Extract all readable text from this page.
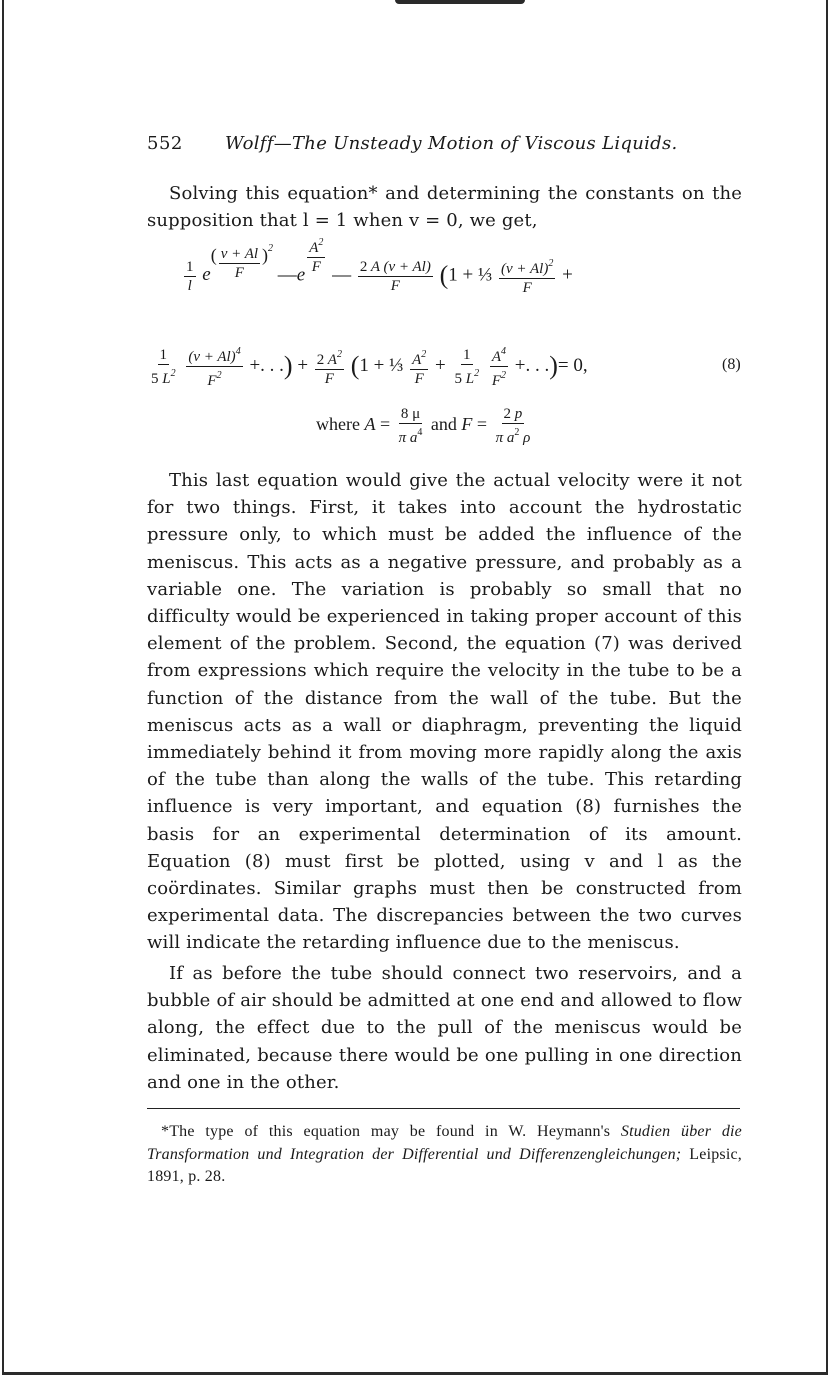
552 Wolff—The Unsteady Motion of Viscous Liquids.

Solving this equation* and determining the constants on the supposition that l = 1 when v = 0, we get,

$\frac{1}{l} e^{( \frac{v + Al}{F} )^2}$ —e $^{\frac{A^2}{F}}$ — $\frac{2 A (v + Al)}{F} (1$ + ⅓ $\frac{(v + Al)^2}{F}$ +
$\frac{1}{5 L^2}$
$\frac{(v + Al)^4}{F^2}$ +. . .) + $\frac{2 A^2}{F} (1$ + ⅓ $\frac{A^2}{F} + \frac{1}{5 L^2}$
$\frac{A^4}{F^2}$ +. . .)= 0,	(8)
where $A = \frac{8 \mu}{\pi a^4}$ and $F = \frac{2 p}{\pi a^2 \rho}$

This last equation would give the actual velocity were it not for two things. First, it takes into account the hydrostatic pressure only, to which must be added the influence of the meniscus. This acts as a negative pressure, and probably as a variable one. The variation is probably so small that no difficulty would be experienced in taking proper account of this element of the problem. Second, the equation (7) was derived from expressions which require the velocity in the tube to be a function of the distance from the wall of the tube. But the meniscus acts as a wall or diaphragm, preventing the liquid immediately behind it from moving more rapidly along the axis of the tube than along the walls of the tube. This retarding influence is very important, and equation (8) furnishes the basis for an experimental determination of its amount. Equation (8) must first be plotted, using v and l as the coördinates. Similar graphs must then be constructed from experimental data. The discrepancies between the two curves will indicate the retarding influence due to the meniscus.

If as before the tube should connect two reservoirs, and a bubble of air should be admitted at one end and allowed to flow along, the effect due to the pull of the meniscus would be eliminated, because there would be one pulling in one direction and one in the other.

*The type of this equation may be found in W. Heymann's Studien über die Transformation und Integration der Differential und Differenzengleichungen; Leipsic, 1891, p. 28.
